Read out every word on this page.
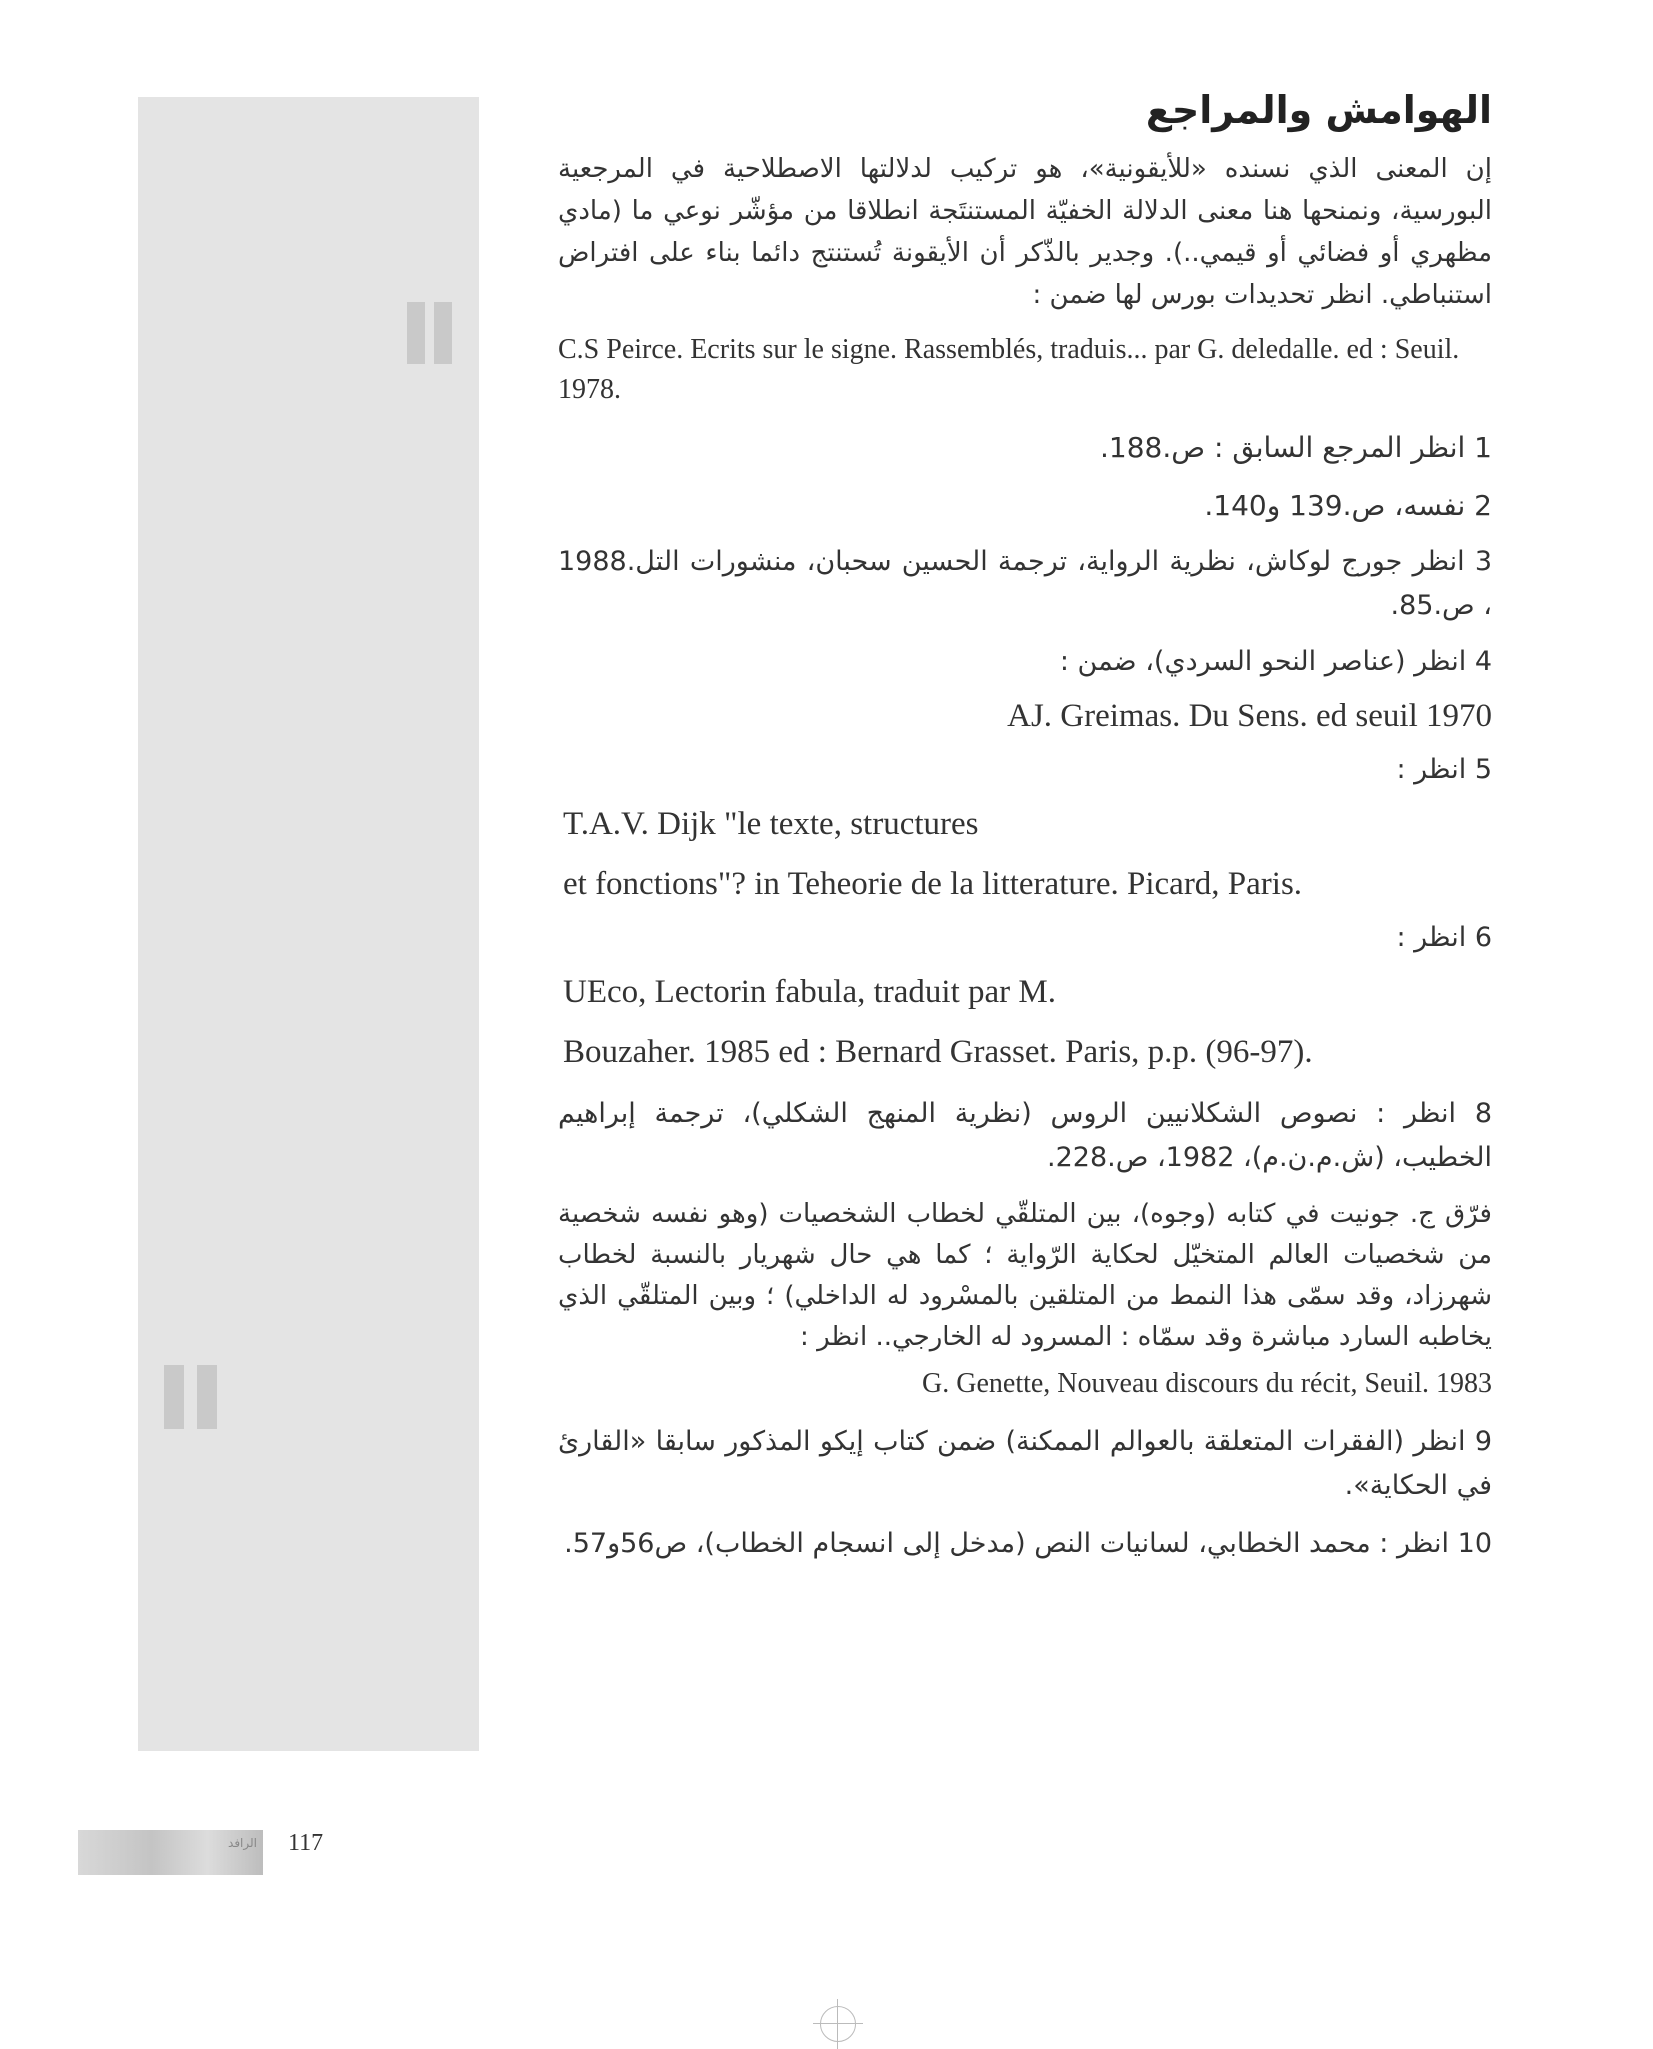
الهوامش والمراجع

إن المعنى الذي نسنده «للأيقونية»، هو تركيب لدلالتها الاصطلاحية في المرجعية البورسية، ونمنحها هنا معنى الدلالة الخفيّة المستنتَجة انطلاقا من مؤشّر نوعي ما (مادي مظهري أو فضائي أو قيمي..). وجدير بالذّكر أن الأيقونة تُستنتج دائما بناء على افتراض استنباطي. انظر تحديدات بورس لها ضمن :

C.S Peirce. Ecrits sur le signe. Rassemblés, traduis... par G. deledalle. ed : Seuil. 1978.

1 انظر المرجع السابق : ص.188.

2 نفسه، ص.139 و140.

3 انظر جورج لوكاش، نظرية الرواية، ترجمة الحسين سحبان، منشورات التل.1988 ، ص.85.

4 انظر (عناصر النحو السردي)، ضمن :

AJ. Greimas. Du Sens. ed seuil 1970

5 انظر :

T.A.V. Dijk "le texte, structures

et fonctions"? in Teheorie de la litterature. Picard, Paris.

6 انظر :

UEco, Lectorin fabula, traduit par M.

Bouzaher. 1985 ed : Bernard Grasset. Paris, p.p. (96-97).

8 انظر : نصوص الشكلانيين الروس (نظرية المنهج الشكلي)، ترجمة إبراهيم الخطيب، (ش.م.ن.م)، 1982، ص.228.

فرّق ج. جونيت في كتابه (وجوه)، بين المتلقّي لخطاب الشخصيات (وهو نفسه شخصية من شخصيات العالم المتخيّل لحكاية الرّواية ؛ كما هي حال شهريار بالنسبة لخطاب شهرزاد، وقد سمّى هذا النمط من المتلقين بالمسْرود له الداخلي) ؛ وبين المتلقّي الذي يخاطبه السارد مباشرة وقد سمّاه : المسرود له الخارجي.. انظر :

G. Genette, Nouveau discours du récit, Seuil. 1983

9 انظر (الفقرات المتعلقة بالعوالم الممكنة) ضمن كتاب إيكو المذكور سابقا «القارئ في الحكاية».

10 انظر : محمد الخطابي، لسانيات النص (مدخل إلى انسجام الخطاب)، ص56و57.

الرافد 117
